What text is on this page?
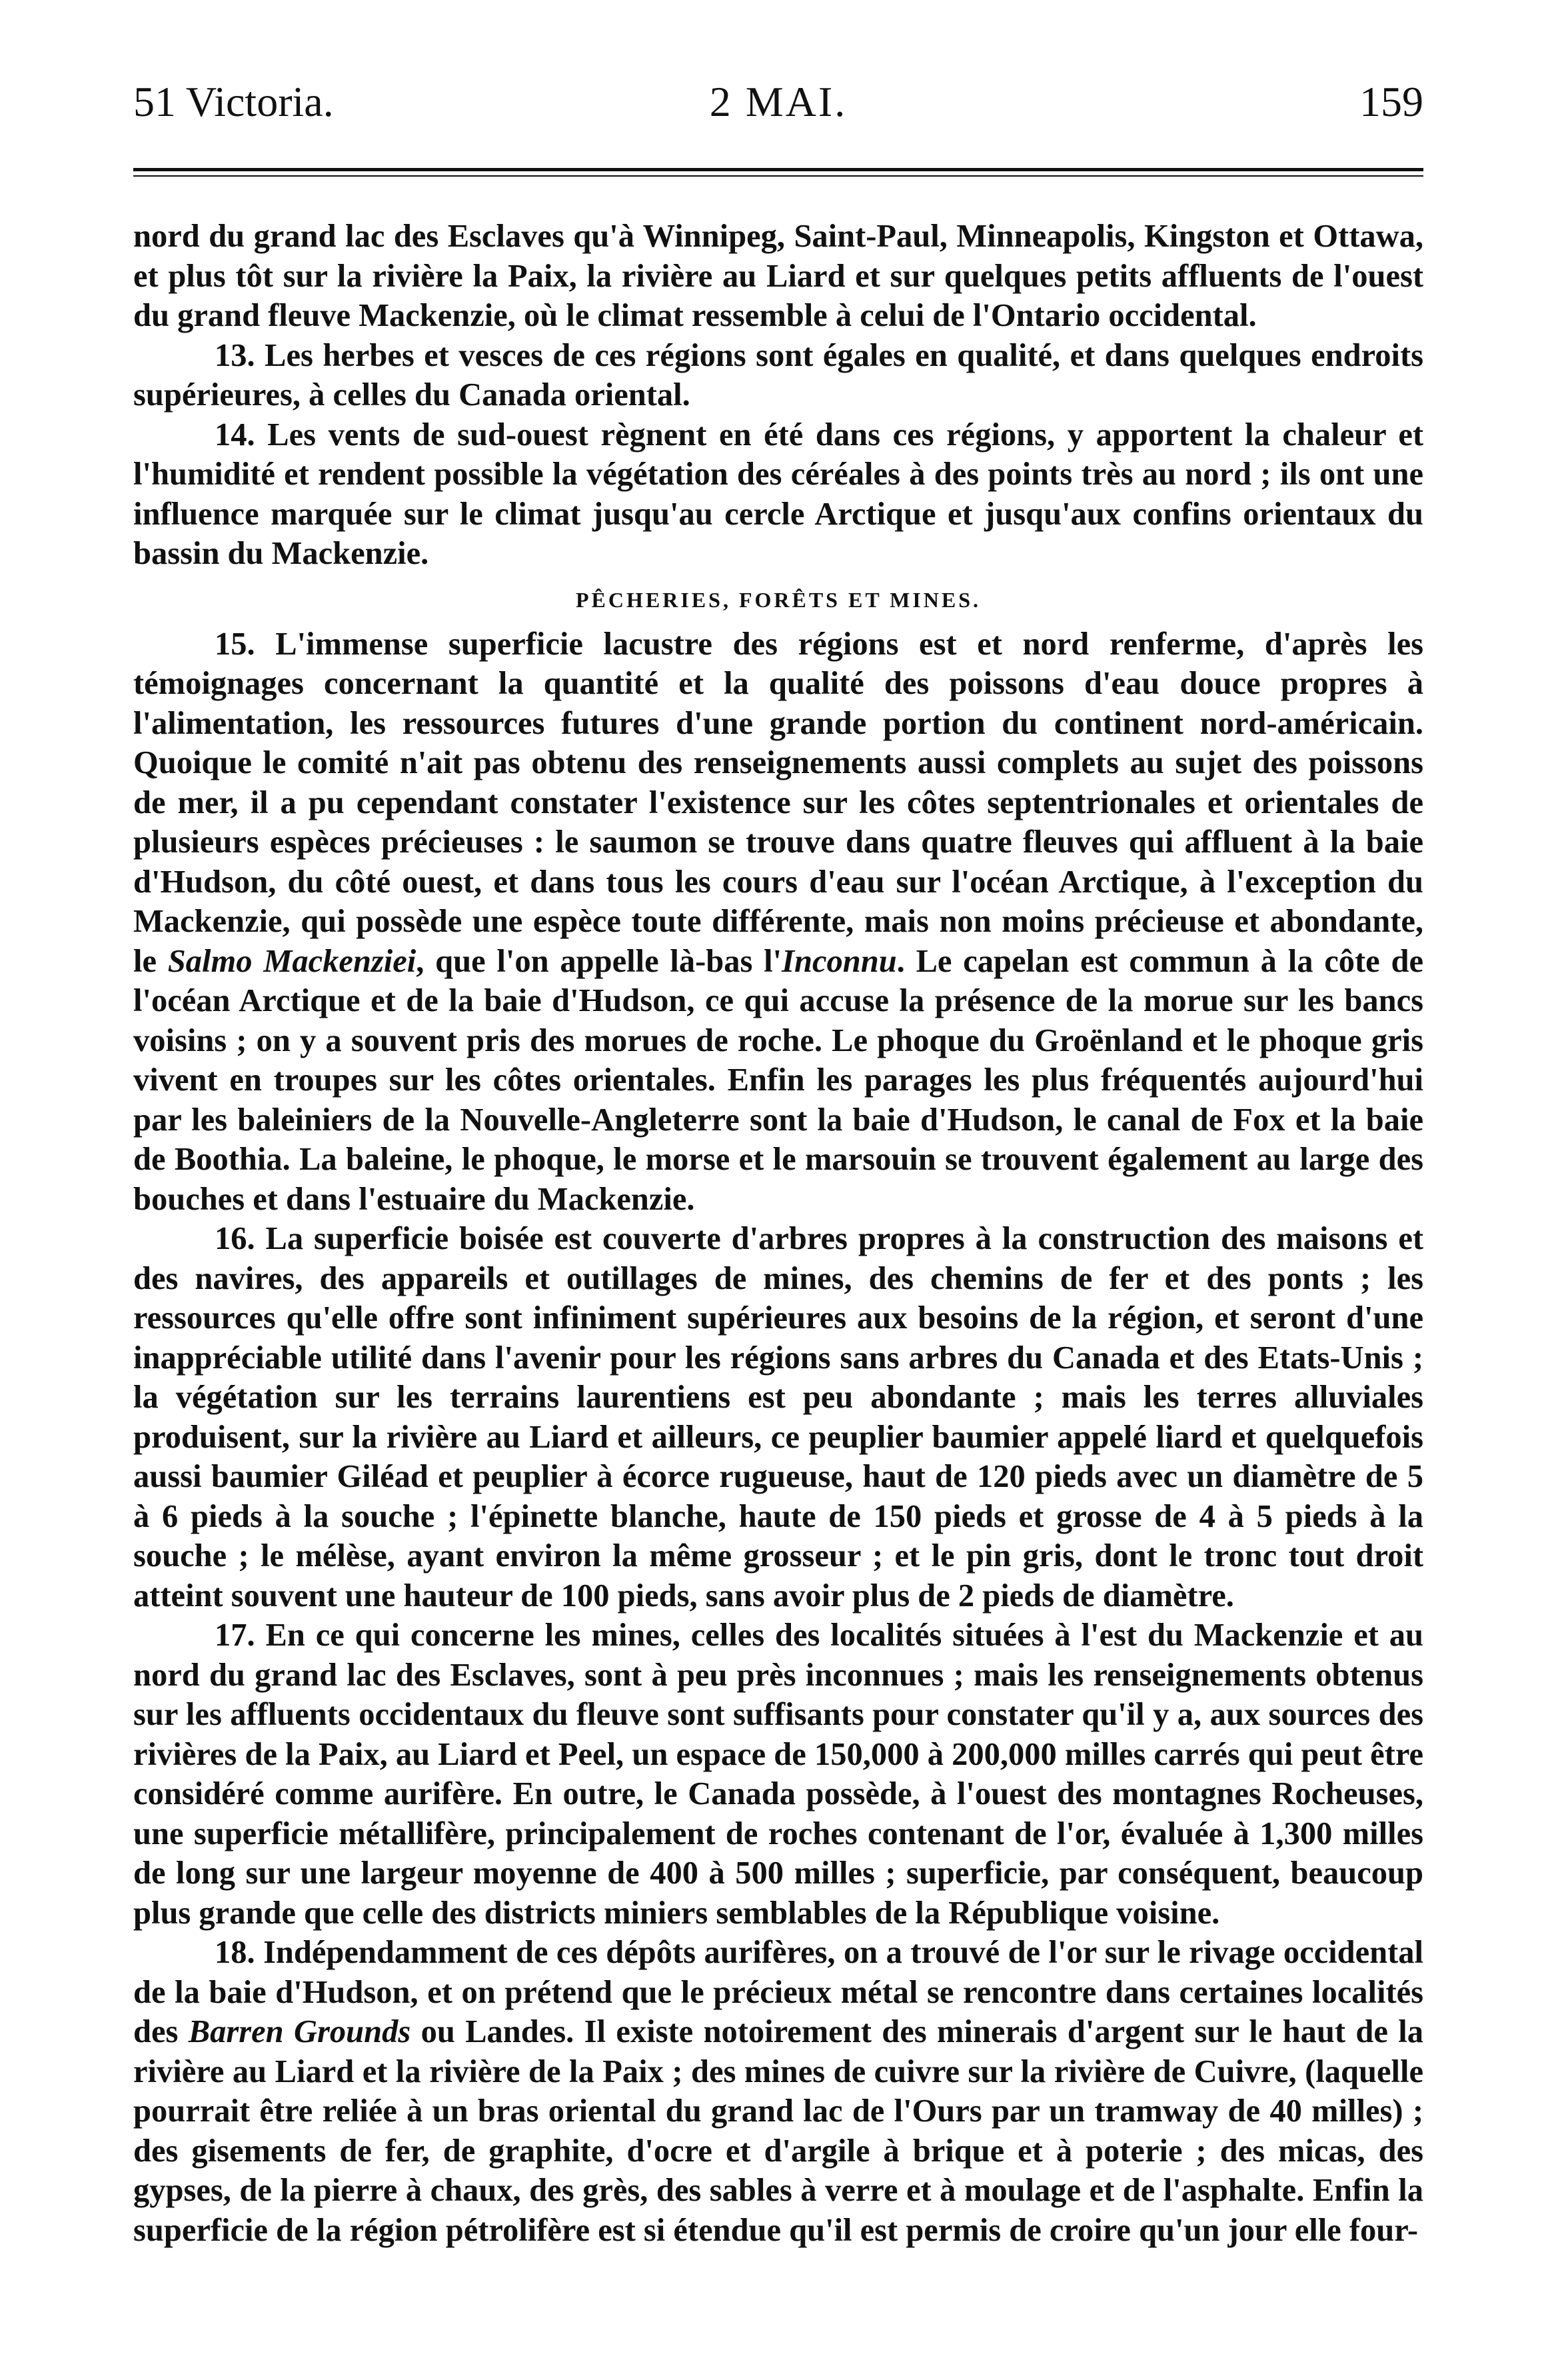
51 Victoria.	2 MAI.	159

nord du grand lac des Esclaves qu'à Winnipeg, Saint-Paul, Minneapolis, Kingston et Ottawa, et plus tôt sur la rivière la Paix, la rivière au Liard et sur quelques petits affluents de l'ouest du grand fleuve Mackenzie, où le climat ressemble à celui de l'Ontario occidental.

13. Les herbes et vesces de ces régions sont égales en qualité, et dans quelques endroits supérieures, à celles du Canada oriental.

14. Les vents de sud-ouest règnent en été dans ces régions, y apportent la chaleur et l'humidité et rendent possible la végétation des céréales à des points très au nord ; ils ont une influence marquée sur le climat jusqu'au cercle Arctique et jusqu'aux confins orientaux du bassin du Mackenzie.

PÊCHERIES, FORÊTS ET MINES.

15. L'immense superficie lacustre des régions est et nord renferme, d'après les témoignages concernant la quantité et la qualité des poissons d'eau douce propres à l'alimentation, les ressources futures d'une grande portion du continent nord-américain. Quoique le comité n'ait pas obtenu des renseignements aussi complets au sujet des poissons de mer, il a pu cependant constater l'existence sur les côtes septentrionales et orientales de plusieurs espèces précieuses : le saumon se trouve dans quatre fleuves qui affluent à la baie d'Hudson, du côté ouest, et dans tous les cours d'eau sur l'océan Arctique, à l'exception du Mackenzie, qui possède une espèce toute différente, mais non moins précieuse et abondante, le Salmo Mackenziei, que l'on appelle là-bas l'Inconnu. Le capelan est commun à la côte de l'océan Arctique et de la baie d'Hudson, ce qui accuse la présence de la morue sur les bancs voisins ; on y a souvent pris des morues de roche. Le phoque du Groënland et le phoque gris vivent en troupes sur les côtes orientales. Enfin les parages les plus fréquentés aujourd'hui par les baleiniers de la Nouvelle-Angleterre sont la baie d'Hudson, le canal de Fox et la baie de Boothia. La baleine, le phoque, le morse et le marsouin se trouvent également au large des bouches et dans l'estuaire du Mackenzie.

16. La superficie boisée est couverte d'arbres propres à la construction des maisons et des navires, des appareils et outillages de mines, des chemins de fer et des ponts ; les ressources qu'elle offre sont infiniment supérieures aux besoins de la région, et seront d'une inappréciable utilité dans l'avenir pour les régions sans arbres du Canada et des Etats-Unis ; la végétation sur les terrains laurentiens est peu abondante ; mais les terres alluviales produisent, sur la rivière au Liard et ailleurs, ce peuplier baumier appelé liard et quelquefois aussi baumier Giléad et peuplier à écorce rugueuse, haut de 120 pieds avec un diamètre de 5 à 6 pieds à la souche ; l'épinette blanche, haute de 150 pieds et grosse de 4 à 5 pieds à la souche ; le mélèse, ayant environ la même grosseur ; et le pin gris, dont le tronc tout droit atteint souvent une hauteur de 100 pieds, sans avoir plus de 2 pieds de diamètre.

17. En ce qui concerne les mines, celles des localités situées à l'est du Mackenzie et au nord du grand lac des Esclaves, sont à peu près inconnues ; mais les renseignements obtenus sur les affluents occidentaux du fleuve sont suffisants pour constater qu'il y a, aux sources des rivières de la Paix, au Liard et Peel, un espace de 150,000 à 200,000 milles carrés qui peut être considéré comme aurifère. En outre, le Canada possède, à l'ouest des montagnes Rocheuses, une superficie métallifère, principalement de roches contenant de l'or, évaluée à 1,300 milles de long sur une largeur moyenne de 400 à 500 milles ; superficie, par conséquent, beaucoup plus grande que celle des districts miniers semblables de la République voisine.

18. Indépendamment de ces dépôts aurifères, on a trouvé de l'or sur le rivage occidental de la baie d'Hudson, et on prétend que le précieux métal se rencontre dans certaines localités des Barren Grounds ou Landes. Il existe notoirement des minerais d'argent sur le haut de la rivière au Liard et la rivière de la Paix ; des mines de cuivre sur la rivière de Cuivre, (laquelle pourrait être reliée à un bras oriental du grand lac de l'Ours par un tramway de 40 milles) ; des gisements de fer, de graphite, d'ocre et d'argile à brique et à poterie ; des micas, des gypses, de la pierre à chaux, des grès, des sables à verre et à moulage et de l'asphalte. Enfin la superficie de la région pétrolifère est si étendue qu'il est permis de croire qu'un jour elle four-
